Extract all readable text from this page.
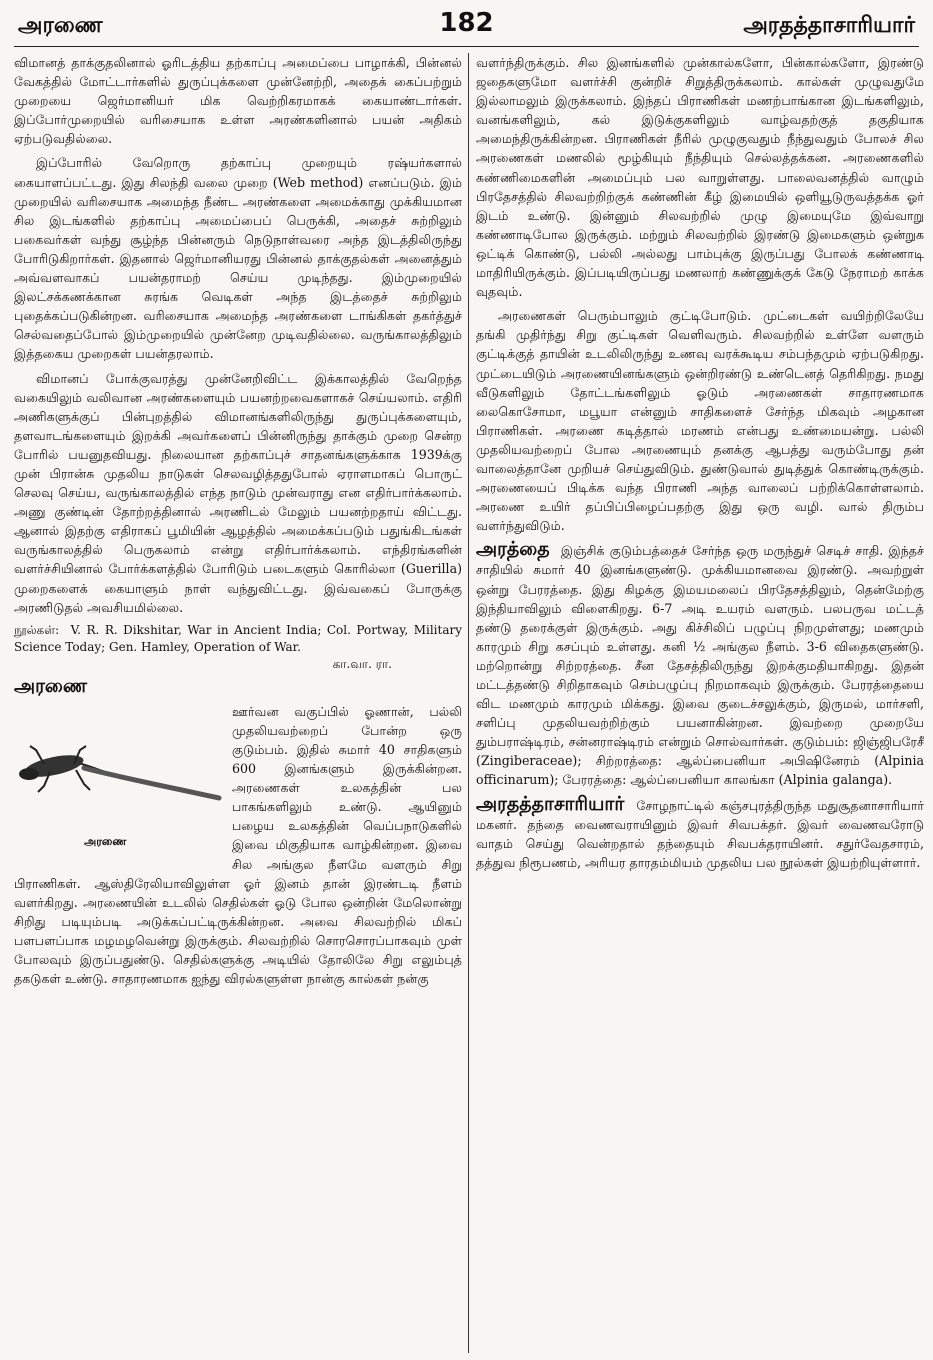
அரணை	182	அரதத்தாசாரியார்

விமானத் தாக்குதலினால் ஓரிடத்திய தற்காப்பு அமைப்பை பாழாக்கி, பின்னல் வேகத்தில் மோட்டார்களில் துருப்புக்களை முன்னேற்றி, அதைக் கைப்பற்றும் முறையை ஜெர்மானியர் மிக வெற்றிகரமாகக் கையாண்டார்கள். இப்போர்முறையில் வரிசையாக உள்ள அரண்களினால் பயன் அதிகம் ஏற்படுவதில்லை.

இப்போரில் வேறொரு தற்காப்பு முறையும் ரஷ்யர்களால் கையாளப்பட்டது. இது சிலந்தி வலை முறை (Web method) எனப்படும். இம் முறையில் வரிசையாக அமைந்த நீண்ட அரண்களை அமைக்காது முக்கியமான சில இடங்களில் தற்காப்பு அமைப்பைப் பெருக்கி, அதைச் சுற்றிலும் பகைவர்கள் வந்து சூழ்ந்த பின்னரும் நெடுநாள்வரை அந்த இடத்திலிருந்து போரிடுகிறார்கள். இதனால் ஜெர்மானியரது பின்னல் தாக்குதல்கள் அனைத்தும் அவ்வளவாகப் பயன்தராமற் செய்ய முடிந்தது. இம்முறையில் இலட்சக்கணக்கான சுரங்க வெடிகள் அந்த இடத்தைச் சுற்றிலும் புதைக்கப்படுகின்றன. வரிசையாக அமைந்த அரண்களை டாங்கிகள் தகர்த்துச் செல்வதைப்போல் இம்முறையில் முன்னேற முடிவதில்லை. வருங்காலத்திலும் இத்தகைய முறைகள் பயன்தரலாம்.

விமானப் போக்குவரத்து முன்னேறிவிட்ட இக்காலத்தில் வேறெந்த வகையிலும் வலிவான அரண்களையும் பயனற்றவைகளாகச் செய்யலாம். எதிரி அணிகளுக்குப் பின்புறத்தில் விமானங்களிலிருந்து துருப்புக்களையும், தளவாடங்களையும் இறக்கி அவர்களைப் பின்னிருந்து தாக்கும் முறை சென்ற போரில் பயனுதவியது. நிலையான தற்காப்புச் சாதனங்களுக்காக 1939க்கு முன் பிரான்சு முதலிய நாடுகள் செலவழித்ததுபோல் ஏராளமாகப் பொருட் செலவு செய்ய, வருங்காலத்தில் எந்த நாடும் முன்வராது என எதிர்பார்க்கலாம். அணு குண்டின் தோற்றத்தினால் அரணிடல் மேலும் பயனற்றதாய் விட்டது. ஆனால் இதற்கு எதிராகப் பூமியின் ஆழத்தில் அமைக்கப்படும் பதுங்கிடங்கள் வருங்காலத்தில் பெருகலாம் என்று எதிர்பார்க்கலாம். எந்திரங்களின் வளர்ச்சியினால் போர்க்களத்தில் போரிடும் படைகளும் கொரில்லா (Guerilla) முறைகளைக் கையாளும் நாள் வந்துவிட்டது. இவ்வகைப் போருக்கு அரணிடுதல் அவசியமில்லை.

நூல்கள்: V. R. R. Dikshitar, War in Ancient India; Col. Portway, Military Science Today; Gen. Hamley, Operation of War.
கா.வா. ரா.

அரணை

அரணை

ஊர்வன வகுப்பில் ஓணான், பல்லி முதலியவற்றைப் போன்ற ஒரு குடும்பம். இதில் சுமார் 40 சாதிகளும் 600 இனங்களும் இருக்கின்றன. அரணைகள் உலகத்தின் பல பாகங்களிலும் உண்டு. ஆயினும் பழைய உலகத்தின் வெப்பநாடுகளில் இவை மிகுதியாக வாழ்கின்றன. இவை சில அங்குல நீளமே வளரும் சிறு பிராணிகள். ஆஸ்திரேலியாவிலுள்ள ஓர் இனம் தான் இரண்டடி நீளம் வளர்கிறது. அரணையின் உடலில் செதில்கள் ஓடு போல ஒன்றின் மேலொன்று சிறிது படியும்படி அடுக்கப்பட்டிருக்கின்றன. அவை சிலவற்றில் மிகப் பளபளப்பாக மழமழவென்று இருக்கும். சிலவற்றில் சொரசொரப்பாகவும் முள் போலவும் இருப்பதுண்டு. செதில்களுக்கு அடியில் தோலிலே சிறு எலும்புத் தகடுகள் உண்டு. சாதாரணமாக ஐந்து விரல்களுள்ள நான்கு கால்கள் நன்கு

வளர்ந்திருக்கும். சில இனங்களில் முன்கால்களோ, பின்கால்களோ, இரண்டு ஜதைகளுமோ வளர்ச்சி குன்றிச் சிறுத்திருக்கலாம். கால்கள் முழுவதுமே இல்லாமலும் இருக்கலாம். இந்தப் பிராணிகள் மணற்பாங்கான இடங்களிலும், வனங்களிலும், கல் இடுக்குகளிலும் வாழ்வதற்குத் தகுதியாக அமைந்திருக்கின்றன. பிராணிகள் நீரில் முழுகுவதும் நீந்துவதும் போலச் சில அரணைகள் மணலில் மூழ்கியும் நீந்தியும் செல்லத்தக்கன. அரணைகளில் கண்ணிமைகளின் அமைப்பும் பல வாறுள்ளது. பாலைவனத்தில் வாழும் பிரதேசத்தில் சிலவற்றிற்குக் கண்ணின் கீழ் இமையில் ஒளியூடுருவத்தக்க ஓர் இடம் உண்டு. இன்னும் சிலவற்றில் முழு இமையுமே இவ்வாறு கண்ணாடிபோல இருக்கும். மற்றும் சிலவற்றில் இரண்டு இமைகளும் ஒன்றுக ஒட்டிக் கொண்டு, பல்லி அல்லது பாம்புக்கு இருப்பது போலக் கண்ணாடி மாதிரியிருக்கும். இப்படியிருப்பது மணலாற் கண்ணுக்குக் கேடு நேராமற் காக்க வுதவும்.

அரணைகள் பெரும்பாலும் குட்டிபோடும். முட்டைகள் வயிற்றிலேயே தங்கி முதிர்ந்து சிறு குட்டிகள் வெளிவரும். சிலவற்றில் உள்ளே வளரும் குட்டிக்குத் தாயின் உடலிலிருந்து உணவு வரக்கூடிய சம்பந்தமும் ஏற்படுகிறது. முட்டையிடும் அரணையினங்களும் ஒன்றிரண்டு உண்டெனத் தெரிகிறது. நமது வீடுகளிலும் தோட்டங்களிலும் ஓடும் அரணைகள் சாதாரணமாக லைகொசோமா, மபூயா என்னும் சாதிகளைச் சேர்ந்த மிகவும் அழகான பிராணிகள். அரணை கடித்தால் மரணம் என்பது உண்மையன்று. பல்லி முதலியவற்றைப் போல அரணையும் தனக்கு ஆபத்து வரும்போது தன் வாலைத்தானே முறியச் செய்துவிடும். துண்டுவால் துடித்துக் கொண்டிருக்கும். அரணையைப் பிடிக்க வந்த பிராணி அந்த வாலைப் பற்றிக்கொள்ளலாம். அரணை உயிர் தப்பிப்பிழைப்பதற்கு இது ஒரு வழி. வால் திரும்ப வளர்ந்துவிடும்.

அரத்தை இஞ்சிக் குடும்பத்தைச் சேர்ந்த ஒரு மருந்துச் செடிச் சாதி. இந்தச் சாதியில் சுமார் 40 இனங்களுண்டு. முக்கியமானவை இரண்டு. அவற்றுள் ஒன்று பேரரத்தை. இது கிழக்கு இமயமலைப் பிரதேசத்திலும், தென்மேற்கு இந்தியாவிலும் விளைகிறது. 6-7 அடி உயரம் வளரும். பலபருவ மட்டத் தண்டு தரைக்குள் இருக்கும். அது கிச்சிலிப் பழுப்பு நிறமுள்ளது; மணமும் காரமும் சிறு கசப்பும் உள்ளது. கனி ½ அங்குல நீளம். 3-6 விதைகளுண்டு. மற்றொன்று சிற்றரத்தை. சீன தேசத்திலிருந்து இறக்குமதியாகிறது. இதன் மட்டத்தண்டு சிறிதாகவும் செம்பழுப்பு நிறமாகவும் இருக்கும். பேரரத்தையை விட மணமும் காரமும் மிக்கது. இவை குடைச்சலுக்கும், இருமல், மார்சளி, சளிப்பு முதலியவற்றிற்கும் பயனாகின்றன. இவற்றை முறையே தும்பராஷ்டிரம், சன்னராஷ்டிரம் என்றும் சொல்வார்கள். குடும்பம்: ஜிஞ்ஜிபரேசீ (Zingiberaceae); சிற்றரத்தை: ஆல்ப்பைனியா அபிஷினேரம் (Alpinia officinarum); பேரரத்தை: ஆல்ப்பைனியா காலங்கா (Alpinia galanga).

அரதத்தாசாரியார் சோழநாட்டில் கஞ்சபுரத்திருந்த மதுசூதனாசாரியார் மகனர். தந்தை வைணவராயினும் இவர் சிவபக்தர். இவர் வைணவரோடு வாதம் செய்து வென்றதால் தந்தையும் சிவபக்தராயினர். சதுர்வேதசாரம், தத்துவ நிரூபணம், அரியர தாரதம்மியம் முதலிய பல நூல்கள் இயற்றியுள்ளார்.
